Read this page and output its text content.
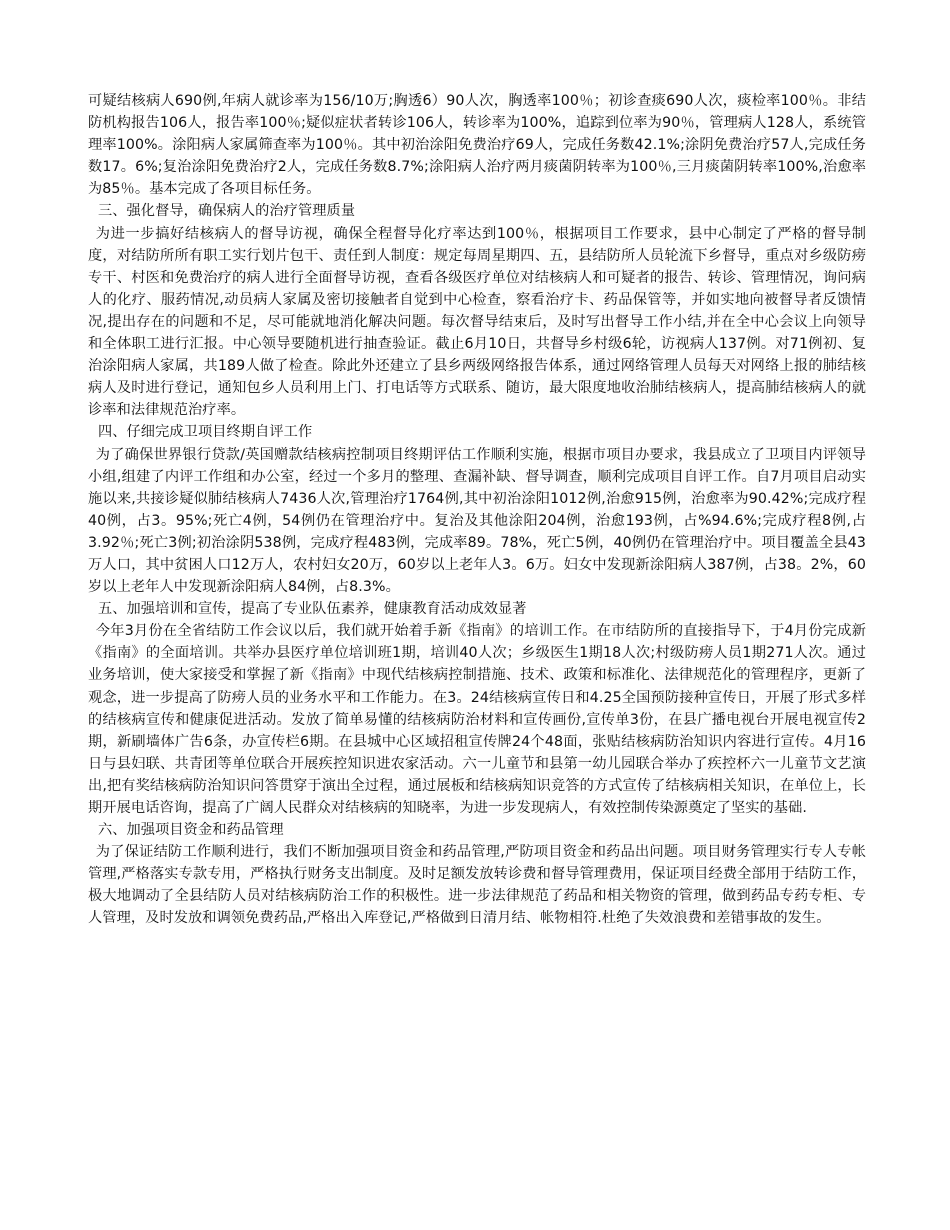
可疑结核病人690例,年病人就诊率为156/10万;胸透6）90人次，胸透率100％；初诊查痰690人次，痰检率100％。非结防机构报告106人，报告率100％;疑似症状者转诊106人，转诊率为100%，追踪到位率为90％，管理病人128人，系统管理率100%。涂阳病人家属筛查率为100％。其中初治涂阳免费治疗69人，完成任务数42.1%;涂阴免费治疗57人,完成任务数17。6%;复治涂阳免费治疗2人，完成任务数8.7%;涂阳病人治疗两月痰菌阴转率为100％,三月痰菌阴转率100%,治愈率为85％。基本完成了各项目标任务。

三、强化督导，确保病人的治疗管理质量

为进一步搞好结核病人的督导访视，确保全程督导化疗率达到100％，根据项目工作要求，县中心制定了严格的督导制度，对结防所所有职工实行划片包干、责任到人制度：规定每周星期四、五，县结防所人员轮流下乡督导，重点对乡级防痨专干、村医和免费治疗的病人进行全面督导访视，查看各级医疗单位对结核病人和可疑者的报告、转诊、管理情况，询问病人的化疗、服药情况,动员病人家属及密切接触者自觉到中心检查，察看治疗卡、药品保管等，并如实地向被督导者反馈情况,提出存在的问题和不足，尽可能就地消化解决问题。每次督导结束后，及时写出督导工作小结,并在全中心会议上向领导和全体职工进行汇报。中心领导要随机进行抽查验证。截止6月10日，共督导乡村级6轮，访视病人137例。对71例初、复治涂阳病人家属，共189人做了检查。除此外还建立了县乡两级网络报告体系，通过网络管理人员每天对网络上报的肺结核病人及时进行登记，通知包乡人员利用上门、打电话等方式联系、随访，最大限度地收治肺结核病人，提高肺结核病人的就诊率和法律规范治疗率。

四、仔细完成卫项目终期自评工作

为了确保世界银行贷款/英国赠款结核病控制项目终期评估工作顺利实施，根据市项目办要求，我县成立了卫项目内评领导小组,组建了内评工作组和办公室，经过一个多月的整理、查漏补缺、督导调查，顺利完成项目自评工作。自7月项目启动实施以来,共接诊疑似肺结核病人7436人次,管理治疗1764例,其中初治涂阳1012例,治愈915例，治愈率为90.42%;完成疗程40例，占3。95%;死亡4例，54例仍在管理治疗中。复治及其他涂阳204例，治愈193例，占%94.6%;完成疗程8例,占3.92％;死亡3例;初治涂阴538例，完成疗程483例，完成率89。78%，死亡5例，40例仍在管理治疗中。项目覆盖全县43万人口，其中贫困人口12万人，农村妇女20万，60岁以上老年人3。6万。妇女中发现新涂阳病人387例，占38。2%，60岁以上老年人中发现新涂阳病人84例，占8.3%。

五、加强培训和宣传，提高了专业队伍素养，健康教育活动成效显著

今年3月份在全省结防工作会议以后，我们就开始着手新《指南》的培训工作。在市结防所的直接指导下，于4月份完成新《指南》的全面培训。共举办县医疗单位培训班1期，培训40人次；乡级医生1期18人次;村级防痨人员1期271人次。通过业务培训，使大家接受和掌握了新《指南》中现代结核病控制措施、技术、政策和标准化、法律规范化的管理程序，更新了观念，进一步提高了防痨人员的业务水平和工作能力。在3。24结核病宣传日和4.25全国预防接种宣传日，开展了形式多样的结核病宣传和健康促进活动。发放了简单易懂的结核病防治材料和宣传画份,宣传单3份，在县广播电视台开展电视宣传2期，新刷墙体广告6条，办宣传栏6期。在县城中心区域招租宣传牌24个48面，张贴结核病防治知识内容进行宣传。4月16日与县妇联、共青团等单位联合开展疾控知识进农家活动。六一儿童节和县第一幼儿园联合举办了疾控杯六一儿童节文艺演出,把有奖结核病防治知识问答贯穿于演出全过程，通过展板和结核病知识竞答的方式宣传了结核病相关知识，在单位上，长期开展电话咨询，提高了广阔人民群众对结核病的知晓率，为进一步发现病人，有效控制传染源奠定了坚实的基础.

六、加强项目资金和药品管理

为了保证结防工作顺利进行，我们不断加强项目资金和药品管理,严防项目资金和药品出问题。项目财务管理实行专人专帐管理,严格落实专款专用，严格执行财务支出制度。及时足额发放转诊费和督导管理费用，保证项目经费全部用于结防工作，极大地调动了全县结防人员对结核病防治工作的积极性。进一步法律规范了药品和相关物资的管理，做到药品专药专柜、专人管理，及时发放和调领免费药品,严格出入库登记,严格做到日清月结、帐物相符.杜绝了失效浪费和差错事故的发生。
